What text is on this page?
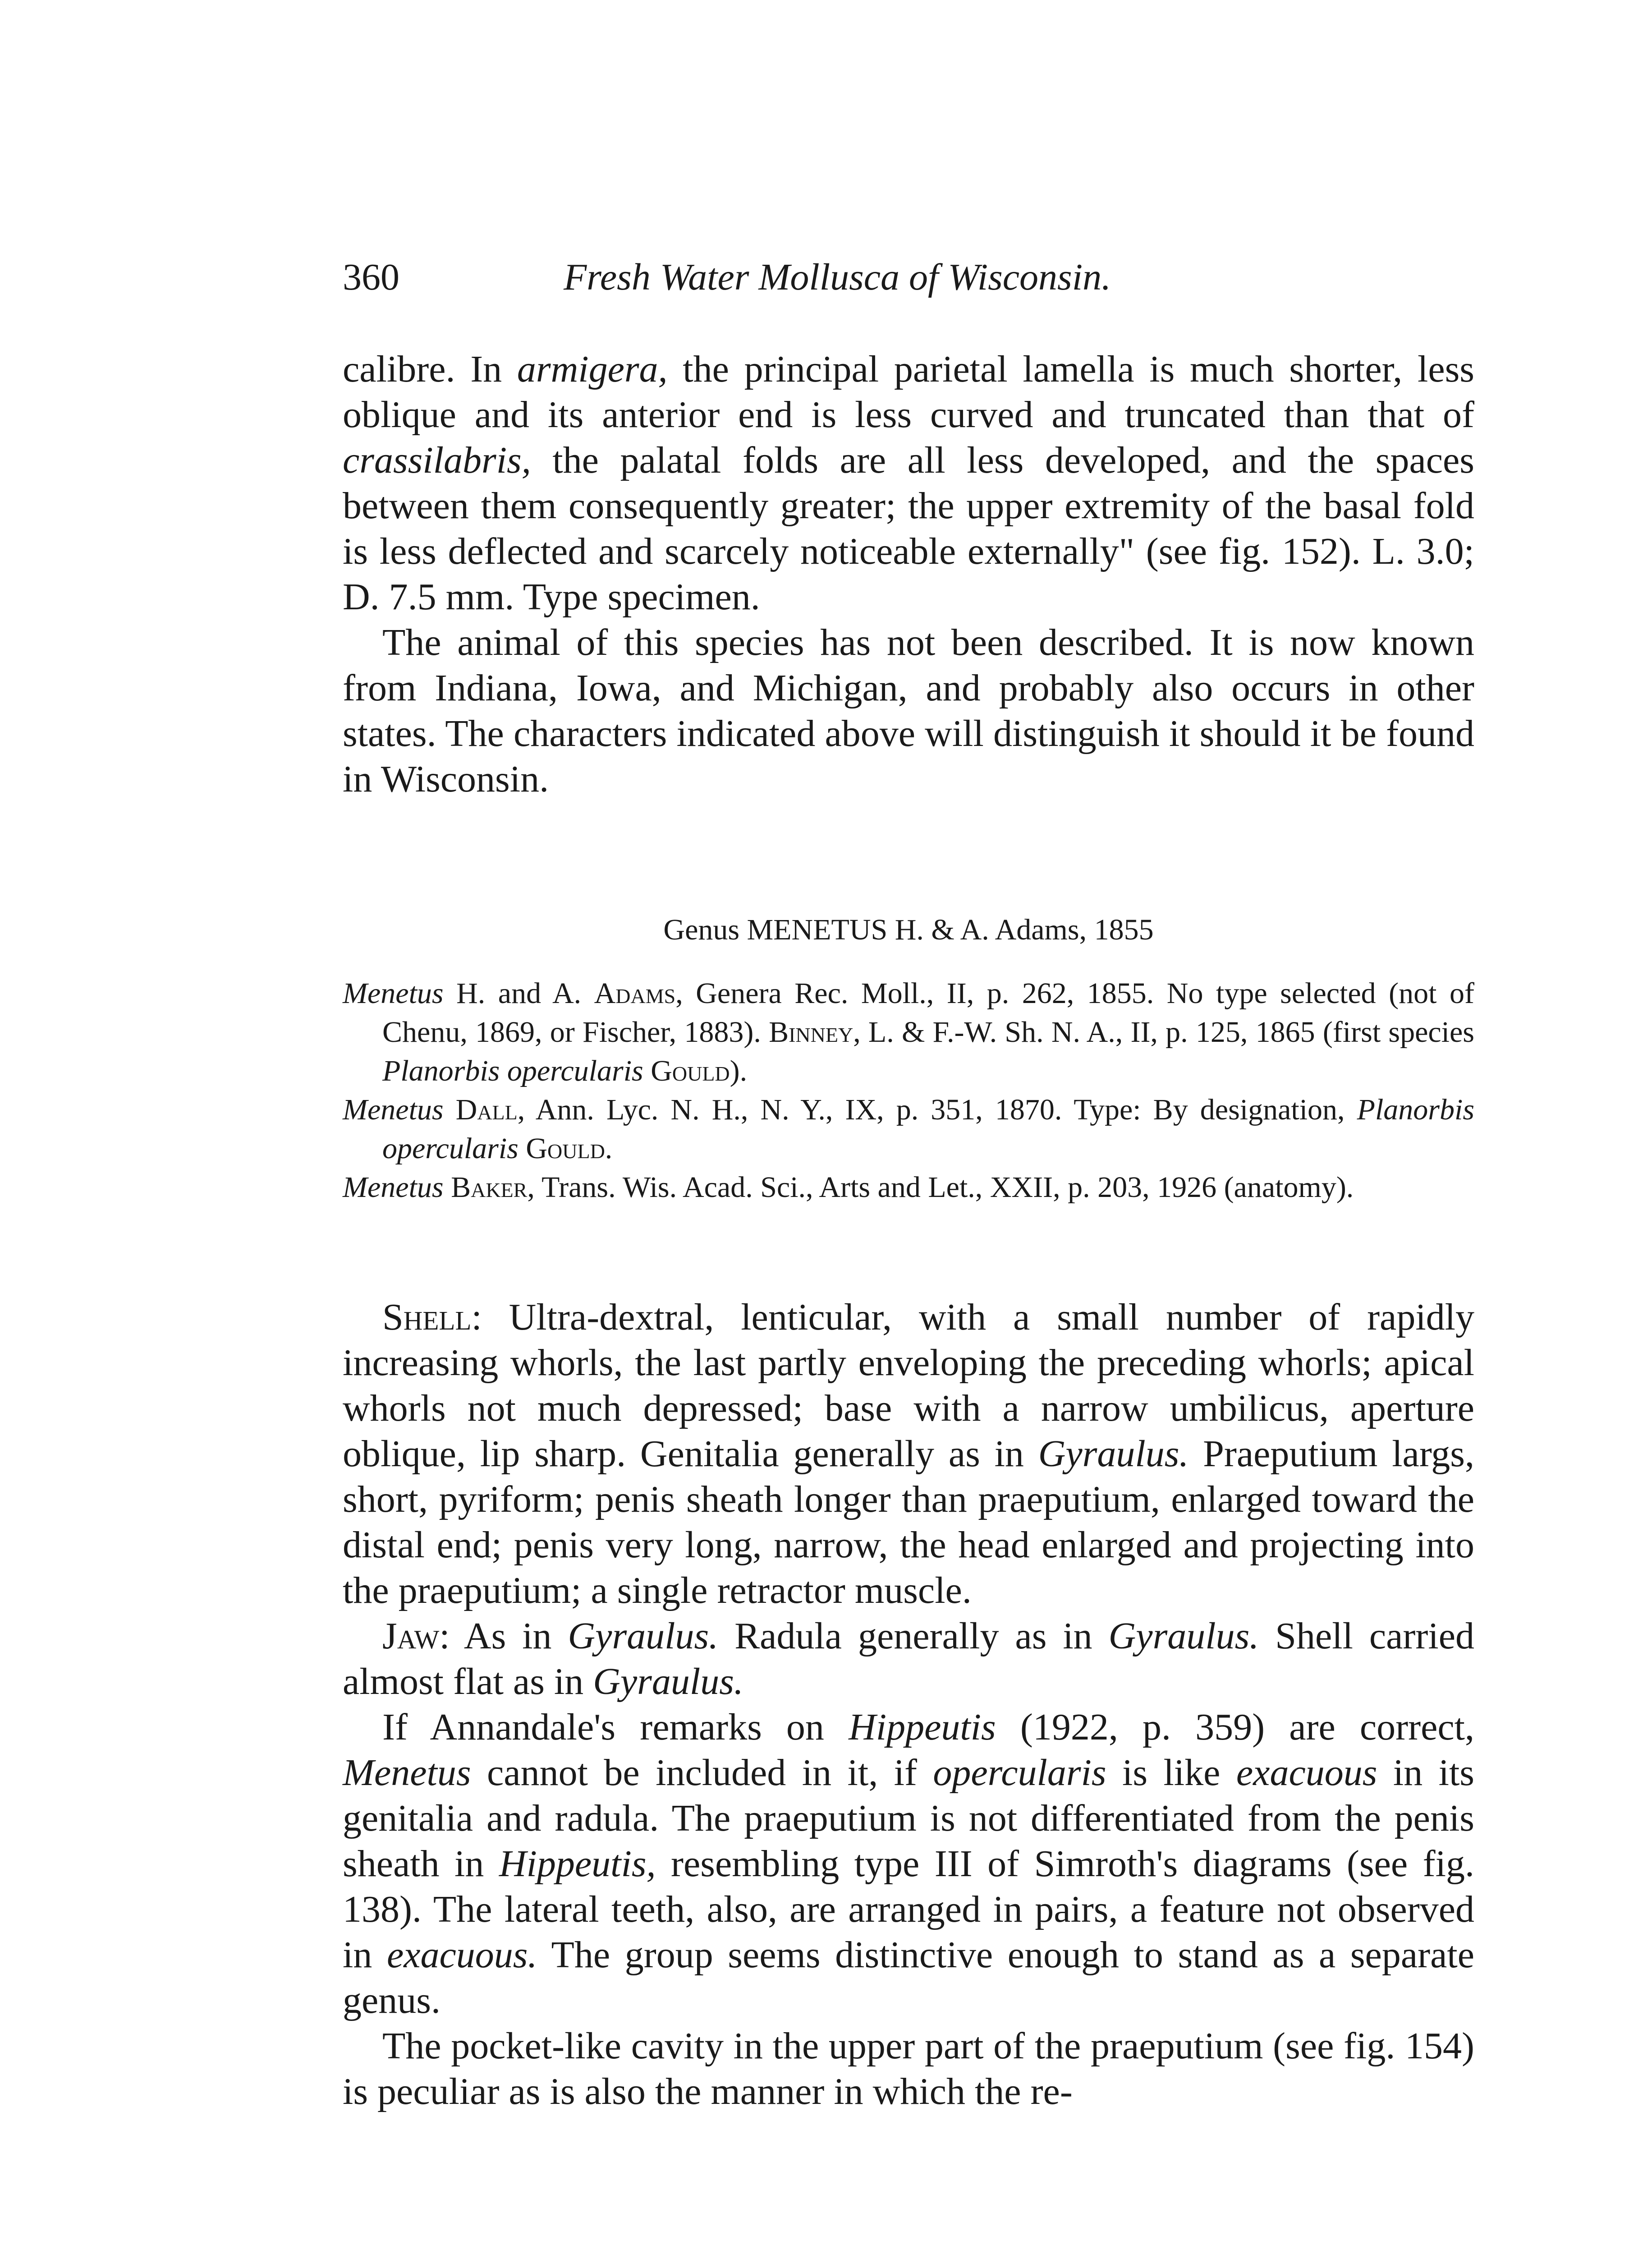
360	Fresh Water Mollusca of Wisconsin.

calibre. In armigera, the principal parietal lamella is much shorter, less oblique and its anterior end is less curved and truncated than that of crassilabris, the palatal folds are all less developed, and the spaces between them consequently greater; the upper extremity of the basal fold is less deflected and scarcely noticeable externally" (see fig. 152). L. 3.0; D. 7.5 mm. Type specimen.

The animal of this species has not been described. It is now known from Indiana, Iowa, and Michigan, and probably also occurs in other states. The characters indicated above will distinguish it should it be found in Wisconsin.

Genus MENETUS H. & A. Adams, 1855

Menetus H. and A. Adams, Genera Rec. Moll., II, p. 262, 1855. No type selected (not of Chenu, 1869, or Fischer, 1883). Binney, L. & F.-W. Sh. N. A., II, p. 125, 1865 (first species Planorbis opercularis Gould).

Menetus Dall, Ann. Lyc. N. H., N. Y., IX, p. 351, 1870. Type: By designation, Planorbis opercularis Gould.

Menetus Baker, Trans. Wis. Acad. Sci., Arts and Let., XXII, p. 203, 1926 (anatomy).

Shell: Ultra-dextral, lenticular, with a small number of rapidly increasing whorls, the last partly enveloping the preceding whorls; apical whorls not much depressed; base with a narrow umbilicus, aperture oblique, lip sharp. Genitalia generally as in Gyraulus. Praeputium largs, short, pyriform; penis sheath longer than praeputium, enlarged toward the distal end; penis very long, narrow, the head enlarged and projecting into the praeputium; a single retractor muscle.

Jaw: As in Gyraulus. Radula generally as in Gyraulus. Shell carried almost flat as in Gyraulus.

If Annandale's remarks on Hippeutis (1922, p. 359) are correct, Menetus cannot be included in it, if opercularis is like exacuous in its genitalia and radula. The praeputium is not differentiated from the penis sheath in Hippeutis, resembling type III of Simroth's diagrams (see fig. 138). The lateral teeth, also, are arranged in pairs, a feature not observed in exacuous. The group seems distinctive enough to stand as a separate genus.

The pocket-like cavity in the upper part of the praeputium (see fig. 154) is peculiar as is also the manner in which the re-
